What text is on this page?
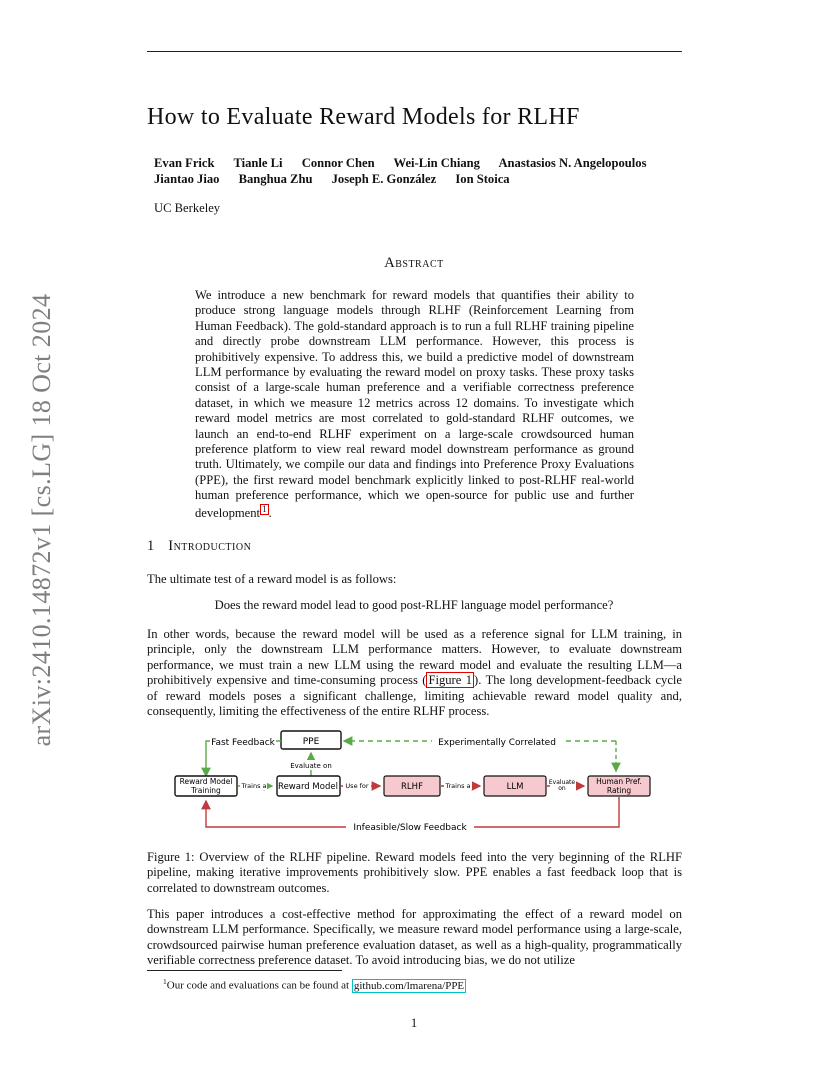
arXiv:2410.14872v1 [cs.LG] 18 Oct 2024
How to Evaluate Reward Models for RLHF
Evan Frick Tianle Li Connor Chen Wei-Lin Chiang Anastasios N. Angelopoulos
Jiantao Jiao Banghua Zhu Joseph E. González Ion Stoica
UC Berkeley
Abstract
We introduce a new benchmark for reward models that quantifies their ability to produce strong language models through RLHF (Reinforcement Learning from Human Feedback). The gold-standard approach is to run a full RLHF training pipeline and directly probe downstream LLM performance. However, this process is prohibitively expensive. To address this, we build a predictive model of downstream LLM performance by evaluating the reward model on proxy tasks. These proxy tasks consist of a large-scale human preference and a verifiable correctness preference dataset, in which we measure 12 metrics across 12 domains. To investigate which reward model metrics are most correlated to gold-standard RLHF outcomes, we launch an end-to-end RLHF experiment on a large-scale crowdsourced human preference platform to view real reward model downstream performance as ground truth. Ultimately, we compile our data and findings into Preference Proxy Evaluations (PPE), the first reward model benchmark explicitly linked to post-RLHF real-world human preference performance, which we open-source for public use and further development 1 .
1 Introduction
The ultimate test of a reward model is as follows:
Does the reward model lead to good post-RLHF language model performance?
In other words, because the reward model will be used as a reference signal for LLM training, in principle, only the downstream LLM performance matters. However, to evaluate downstream performance, we must train a new LLM using the reward model and evaluate the resulting LLM—a prohibitively expensive and time-consuming process ( Figure 1 ). The long development-feedback cycle of reward models poses a significant challenge, limiting achievable reward model quality and, consequently, limiting the effectiveness of the entire RLHF process.
PPE
Fast Feedback	Experimentally Correlated
Evaluate on
Reward Model
Training	Trains a Reward Model Use for	RLHF	Trains a	LLM	Evaluate
on
Human Pref.
Rating
Infeasible/Slow Feedback
Figure 1: Overview of the RLHF pipeline. Reward models feed into the very beginning of the RLHF pipeline, making iterative improvements prohibitively slow. PPE enables a fast feedback loop that is correlated to downstream outcomes.
This paper introduces a cost-effective method for approximating the effect of a reward model on downstream LLM performance. Specifically, we measure reward model performance using a large-scale, crowdsourced pairwise human preference evaluation dataset, as well as a high-quality, programmatically verifiable correctness preference dataset. To avoid introducing bias, we do not utilize
$^1$Our code and evaluations can be found at github.com/lmarena/PPE
1
